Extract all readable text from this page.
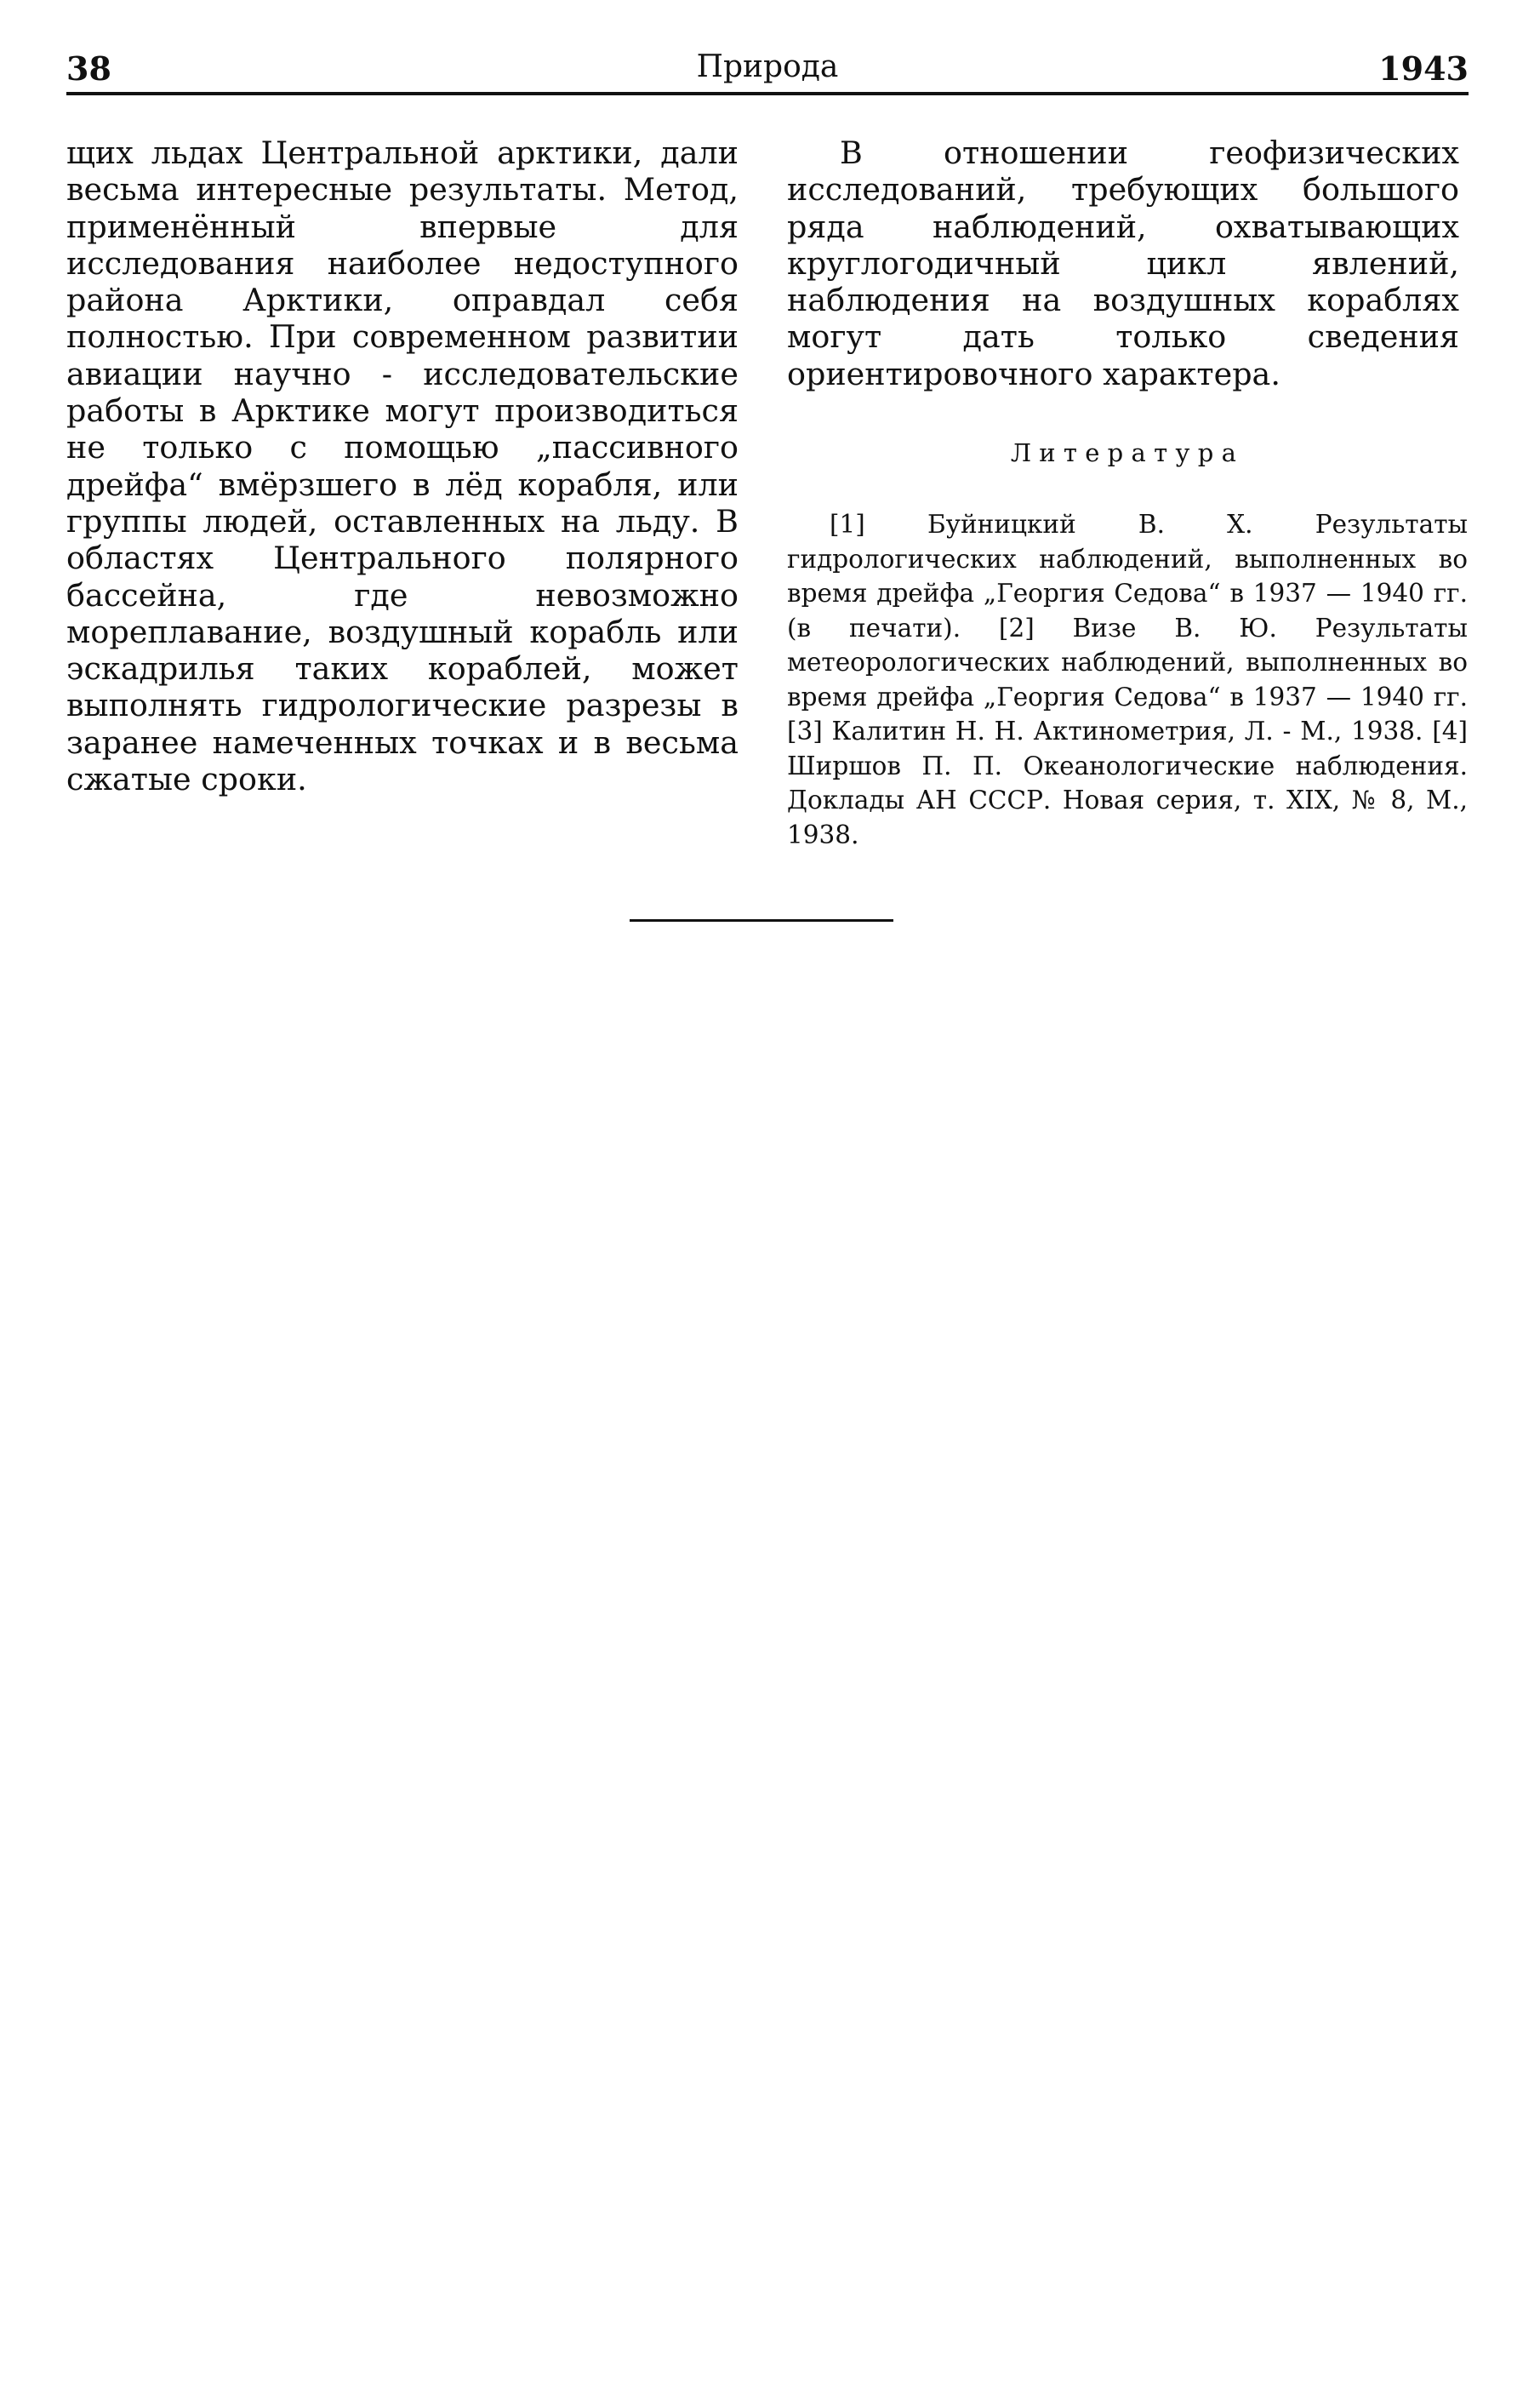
38	Природа	1943
щих льдах Центральной арктики, дали весьма интересные результаты. Метод, применённый впервые для исследования наиболее недоступного района Арктики, оправдал себя полностью. При современном развитии авиации научно - исследовательские работы в Арктике могут производиться не только с помощью „пассивного дрейфа“ вмёрзшего в лёд корабля, или группы людей, оставленных на льду. В областях Центрального полярного бассейна, где невозможно мореплавание, воздушный корабль или эскадрилья таких кораблей, может выполнять гидрологические разрезы в заранее намеченных точках и в весьма сжатые сроки.

В отношении геофизических исследований, требующих большого ряда наблюдений, охватывающих круглогодичный цикл явлений, наблюдения на воздушных кораблях могут дать только сведения ориентировочного характера.

Литература

[1] Буйницкий В. Х. Результаты гидрологических наблюдений, выполненных во время дрейфа „Георгия Седова“ в 1937 — 1940 гг. (в печати). [2] Визе В. Ю. Результаты метеорологических наблюдений, выполненных во время дрейфа „Георгия Седова“ в 1937 — 1940 гг. [3] Калитин Н. Н. Актинометрия, Л. - М., 1938. [4] Ширшов П. П. Океанологические наблюдения. Доклады АН СССР. Новая серия, т. XIX, № 8, М., 1938.
